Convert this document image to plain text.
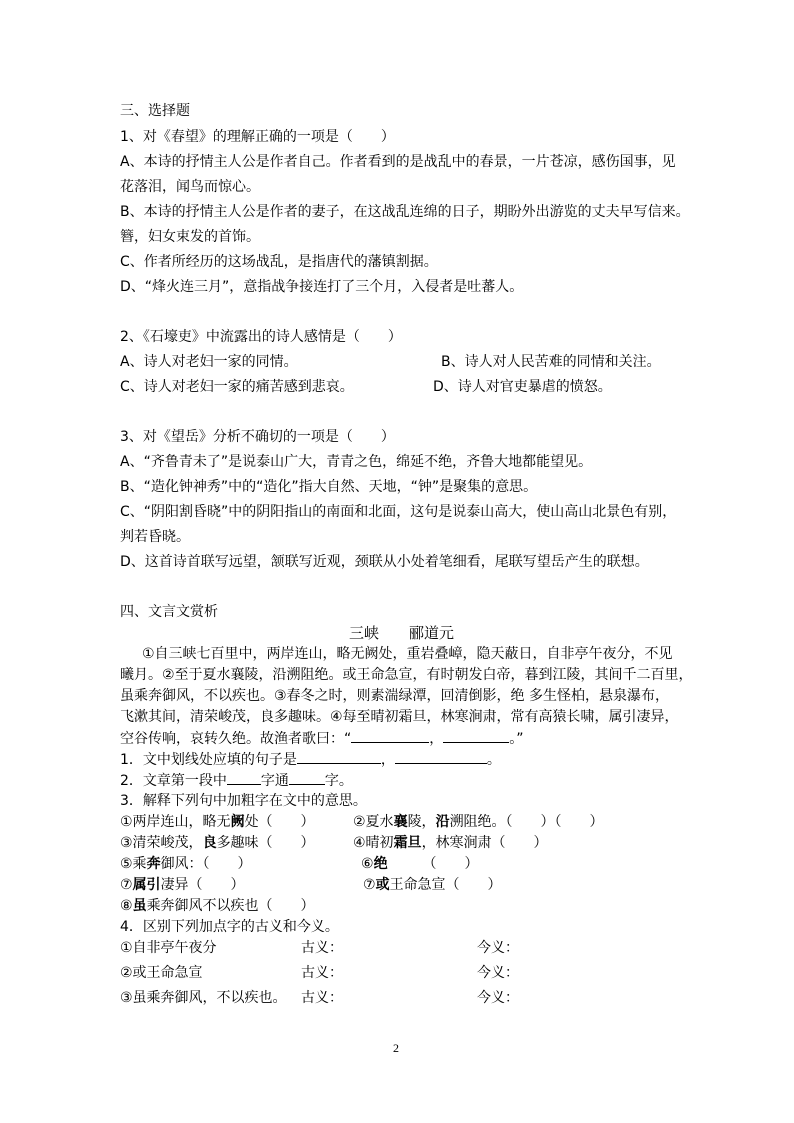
三、选择题
1、对《春望》的理解正确的一项是（　　）
A、本诗的抒情主人公是作者自己。作者看到的是战乱中的春景，一片苍凉，感伤国事，见
花落泪，闻鸟而惊心。
B、本诗的抒情主人公是作者的妻子，在这战乱连绵的日子，期盼外出游览的丈夫早写信来。
簪，妇女束发的首饰。
C、作者所经历的这场战乱，是指唐代的藩镇割据。
D、“烽火连三月”，意指战争接连打了三个月，入侵者是吐蕃人。
2、《石壕吏》中流露出的诗人感情是（　　）
A、诗人对老妇一家的同情。	B、诗人对人民苦难的同情和关注。
C、诗人对老妇一家的痛苦感到悲哀。	D、诗人对官吏暴虐的愤怒。
3、对《望岳》分析不确切的一项是（　　）
A、“齐鲁青未了”是说泰山广大，青青之色，绵延不绝，齐鲁大地都能望见。
B、“造化钟神秀”中的“造化”指大自然、天地，“钟”是聚集的意思。
C、“阴阳割昏晓”中的阴阳指山的南面和北面，这句是说泰山高大，使山高山北景色有别，
判若昏晓。
D、这首诗首联写远望，颔联写近观，颈联从小处着笔细看，尾联写望岳产生的联想。
四、文言文赏析
三峡　　郦道元
①自三峡七百里中，两岸连山，略无阙处，重岩叠嶂，隐天蔽日，自非亭午夜分，不见
曦月。②至于夏水襄陵，沿溯阻绝。或王命急宣，有时朝发白帝，暮到江陵，其间千二百里，
虽乘奔御风，不以疾也。③春冬之时，则素湍绿潭，回清倒影，绝 多生怪柏，悬泉瀑布，
飞漱其间，清荣峻茂，良多趣味。④每至晴初霜旦，林寒涧肃，常有高猿长啸，属引凄异，
空谷传响，哀转久绝。故渔者歌曰：“	，	。”
1．文中划线处应填的句子是	，	。
2．文章第一段中 字通	字。
3．解释下列句中加粗字在文中的意思。
①两岸连山，略无阙处（　　）	②夏水襄陵，沿溯阻绝。（　　）（　　）
③清荣峻茂，良多趣味（　　）	④晴初霜旦，林寒涧肃（　　）
⑤乘奔御风：（　　）	⑥绝　　　（　　）
⑦属引凄异（　　）	⑦或王命急宣（　　）
⑧虽乘奔御风不以疾也（　　）
4．区别下列加点字的古义和今义。
①自非亭午夜分	古义：	今义：
②或王命急宣	古义：	今义：
③虽乘奔御风，不以疾也。 古义：	今义：
2
